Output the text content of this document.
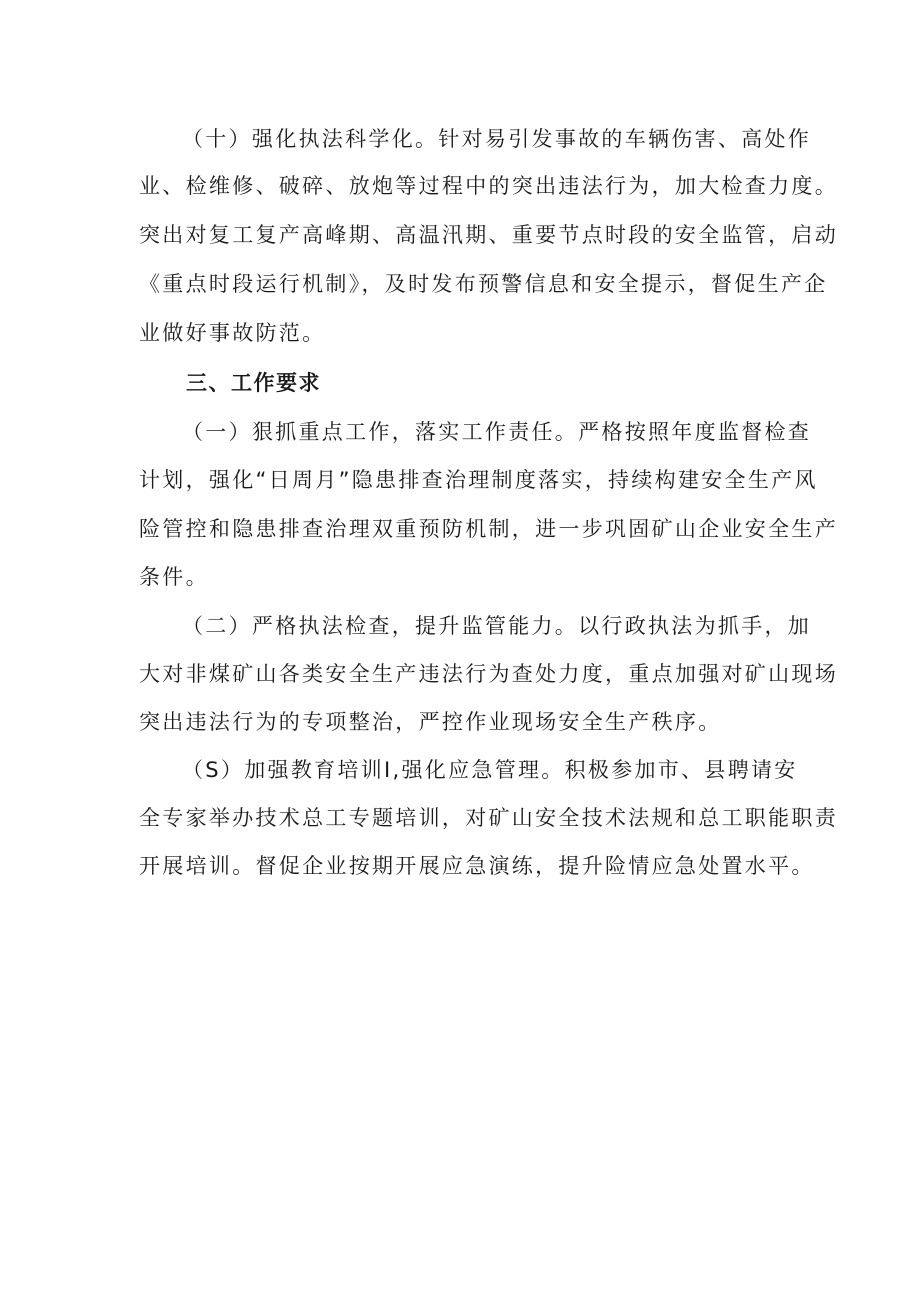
（十）强化执法科学化。针对易引发事故的车辆伤害、高处作
业、检维修、破碎、放炮等过程中的突出违法行为，加大检查力度。
突出对复工复产高峰期、高温汛期、重要节点时段的安全监管，启动
《重点时段运行机制》，及时发布预警信息和安全提示，督促生产企
业做好事故防范。
三、工作要求
（一）狠抓重点工作，落实工作责任。严格按照年度监督检查
计划，强化“日周月”隐患排查治理制度落实，持续构建安全生产风
险管控和隐患排查治理双重预防机制，进一步巩固矿山企业安全生产
条件。
（二）严格执法检查，提升监管能力。以行政执法为抓手，加
大对非煤矿山各类安全生产违法行为查处力度，重点加强对矿山现场
突出违法行为的专项整治，严控作业现场安全生产秩序。
（S）加强教育培训I,强化应急管理。积极参加市、县聘请安
全专家举办技术总工专题培训，对矿山安全技术法规和总工职能职责
开展培训。督促企业按期开展应急演练，提升险情应急处置水平。
